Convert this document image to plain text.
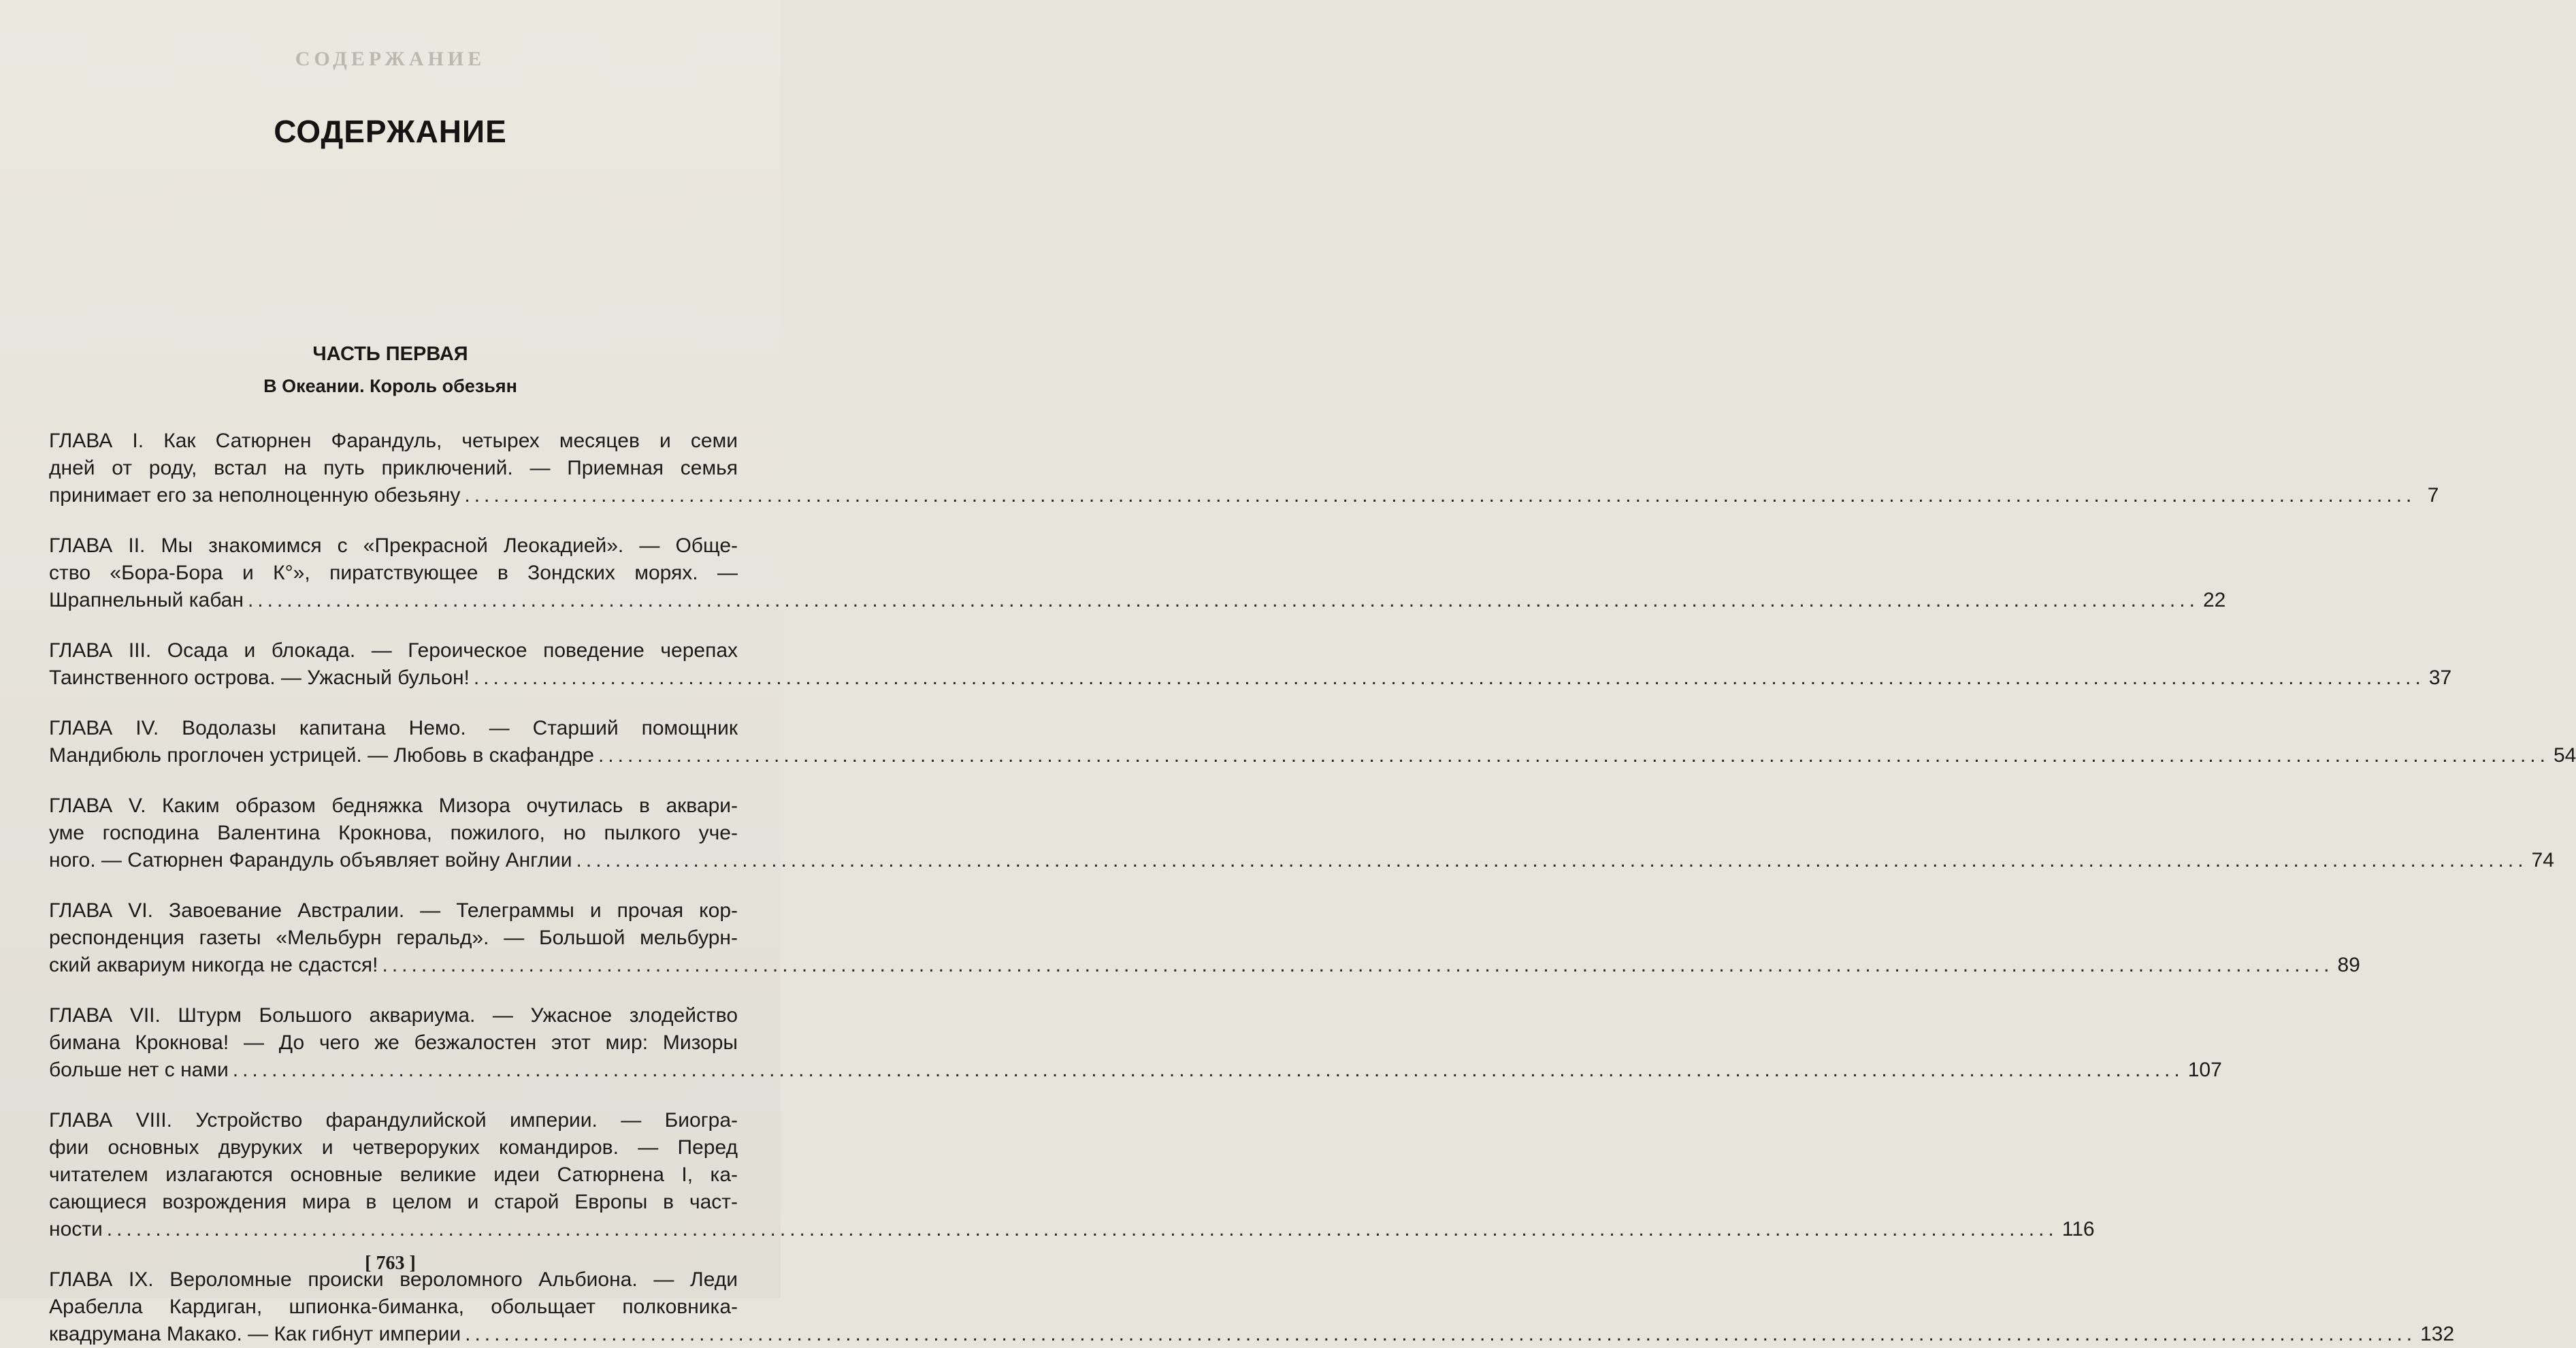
СОДЕРЖАНИЕ
СОДЕРЖАНИЕ
ЧАСТЬ ПЕРВАЯ
В Океании. Король обезьян
ГЛАВА I. Как Сатюрнен Фарандуль, четырех месяцев и семи
дней от роду, встал на путь приключений. — Приемная семья
принимает его за неполноценную обезьяну ........................................................................................................................................................................................................ 7
ГЛАВА II. Мы знакомимся с «Прекрасной Леокадией». — Обще-
ство «Бора-Бора и К°», пиратствующее в Зондских морях. —
Шрапнельный кабан ........................................................................................................................................................................................................ 22
ГЛАВА III. Осада и блокада. — Героическое поведение черепах
Таинственного острова. — Ужасный бульон! ........................................................................................................................................................................................................ 37
ГЛАВА IV. Водолазы капитана Немо. — Старший помощник
Мандибюль проглочен устрицей. — Любовь в скафандре ........................................................................................................................................................................................................ 54
ГЛАВА V. Каким образом бедняжка Мизора очутилась в аквари-
уме господина Валентина Крокнова, пожилого, но пылкого уче-
ного. — Сатюрнен Фарандуль объявляет войну Англии ........................................................................................................................................................................................................ 74
ГЛАВА VI. Завоевание Австралии. — Телеграммы и прочая кор-
респонденция газеты «Мельбурн геральд». — Большой мельбурн-
ский аквариум никогда не сдастся! ........................................................................................................................................................................................................ 89
ГЛАВА VII. Штурм Большого аквариума. — Ужасное злодейство
бимана Крокнова! — До чего же безжалостен этот мир: Мизоры
больше нет с нами ........................................................................................................................................................................................................ 107
ГЛАВА VIII. Устройство фарандулийской империи. — Биогра-
фии основных двуруких и четвероруких командиров. — Перед
читателем излагаются основные великие идеи Сатюрнена I, ка-
сающиеся возрождения мира в целом и старой Европы в част-
ности ........................................................................................................................................................................................................ 116
ГЛАВА IX. Вероломные происки вероломного Альбиона. — Леди
Арабелла Кардиган, шпионка-биманка, обольщает полковника-
квадрумана Макако. — Как гибнут империи ........................................................................................................................................................................................................ 132
[ 763 ]
